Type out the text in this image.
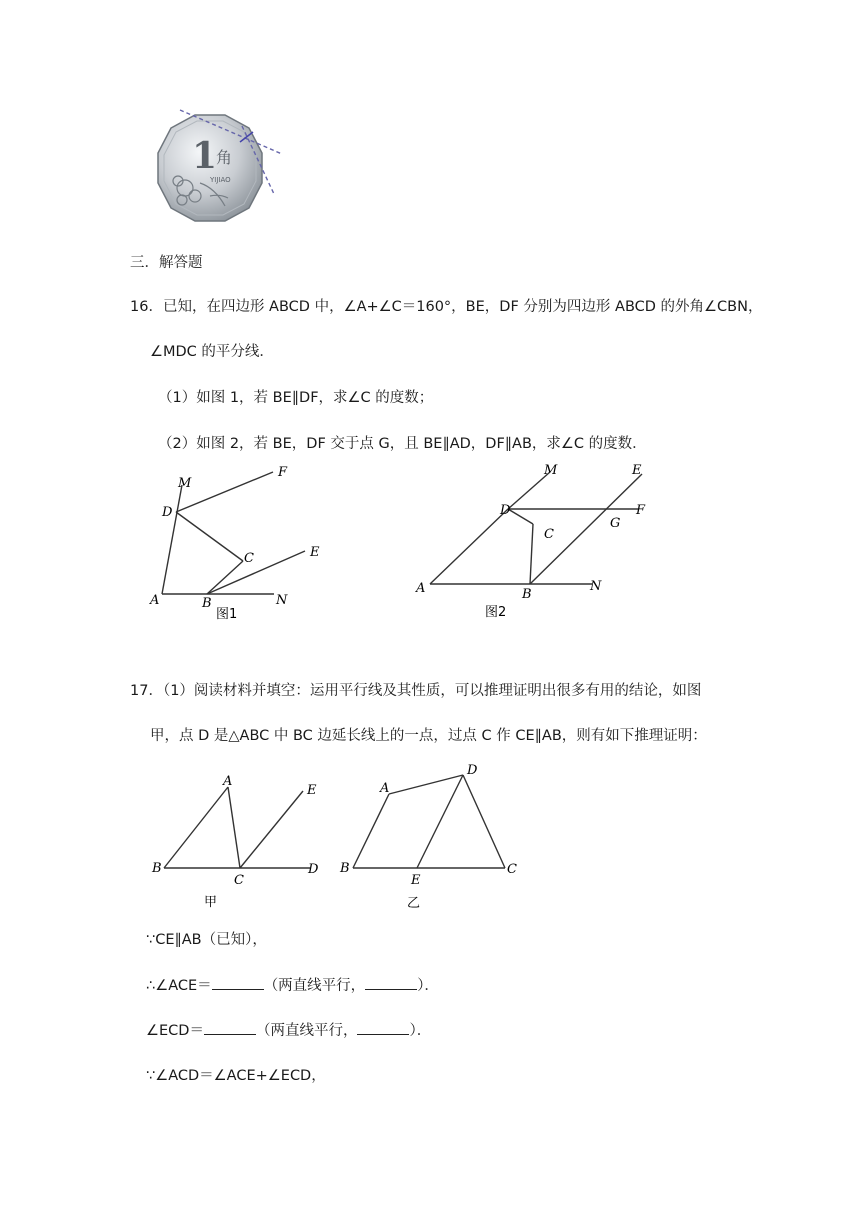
1
角
YIJIAO
三．解答题
16．已知，在四边形 ABCD 中，∠A+∠C＝160°，BE，DF 分别为四边形 ABCD 的外角∠CBN，
∠MDC 的平分线．
（1）如图 1，若 BE∥DF，求∠C 的度数；
（2）如图 2，若 BE，DF 交于点 G，且 BE∥AD，DF∥AB，求∠C 的度数．
M
F
D
C	E
A	B	N
图1
M	E
D	F
G
C
A	B
N
图2
17．（1）阅读材料并填空：运用平行线及其性质，可以推理证明出很多有用的结论，如图
甲，点 D 是△ABC 中 BC 边延长线上的一点，过点 C 作 CE∥AB，则有如下推理证明：
A
E
B
C
D
甲
A
D
B
E
C
乙
∵CE∥AB（已知），
∴∠ACE＝	（两直线平行，	）．
∠ECD＝	（两直线平行，	）．
∵∠ACD＝∠ACE+∠ECD，
